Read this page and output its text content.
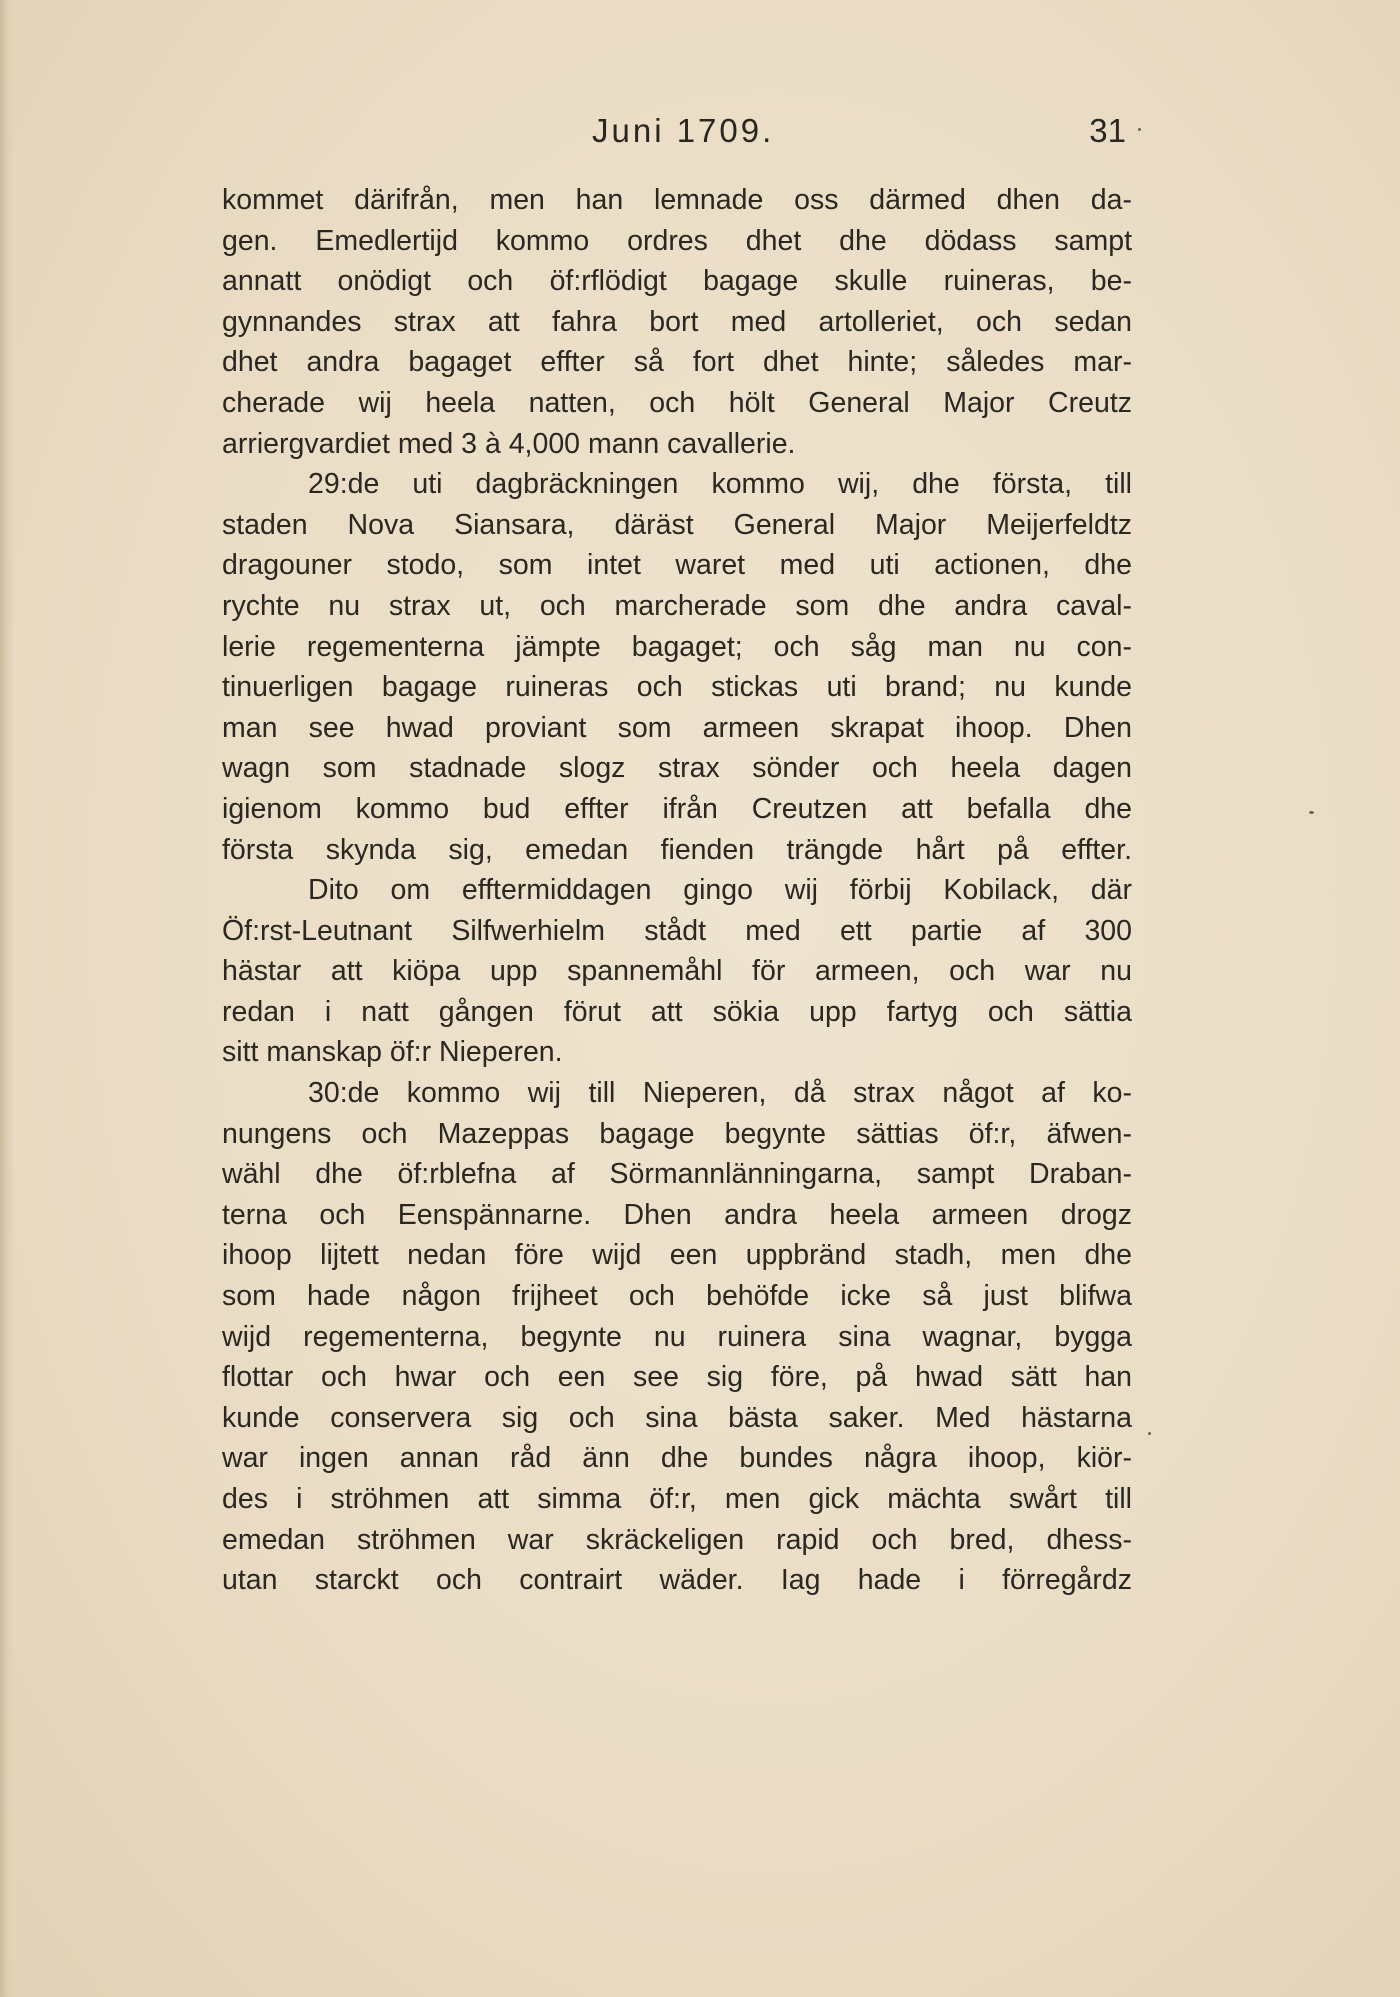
Juni 1709.	31
kommet därifrån, men han lemnade oss därmed dhen da-
gen. Emedlertijd kommo ordres dhet dhe dödass sampt
annatt onödigt och öf:rflödigt bagage skulle ruineras, be-
gynnandes strax att fahra bort med artolleriet, och sedan
dhet andra bagaget effter så fort dhet hinte; således mar-
cherade wij heela natten, och hölt General Major Creutz
arriergvardiet med 3 à 4,000 mann cavallerie.
29:de uti dagbräckningen kommo wij, dhe första, till
staden Nova Siansara, däräst General Major Meijerfeldtz
dragouner stodo, som intet waret med uti actionen, dhe
rychte nu strax ut, och marcherade som dhe andra caval-
lerie regementerna jämpte bagaget; och såg man nu con-
tinuerligen bagage ruineras och stickas uti brand; nu kunde
man see hwad proviant som armeen skrapat ihoop. Dhen
wagn som stadnade slogz strax sönder och heela dagen
igienom kommo bud effter ifrån Creutzen att befalla dhe
första skynda sig, emedan fienden trängde hårt på effter.
Dito om efftermiddagen gingo wij förbij Kobilack, där
Öf:rst-Leutnant Silfwerhielm stådt med ett partie af 300
hästar att kiöpa upp spannemåhl för armeen, och war nu
redan i natt gången förut att sökia upp fartyg och sättia
sitt manskap öf:r Nieperen.
30:de kommo wij till Nieperen, då strax något af ko-
nungens och Mazeppas bagage begynte sättias öf:r, äfwen-
wähl dhe öf:rblefna af Sörmannlänningarna, sampt Draban-
terna och Eenspännarne. Dhen andra heela armeen drogz
ihoop lijtett nedan före wijd een uppbränd stadh, men dhe
som hade någon frijheet och behöfde icke så just blifwa
wijd regementerna, begynte nu ruinera sina wagnar, bygga
flottar och hwar och een see sig före, på hwad sätt han
kunde conservera sig och sina bästa saker. Med hästarna
war ingen annan råd änn dhe bundes några ihoop, kiör-
des i ströhmen att simma öf:r, men gick mächta swårt till
emedan ströhmen war skräckeligen rapid och bred, dhess-
utan starckt och contrairt wäder. Iag hade i förregårdz
